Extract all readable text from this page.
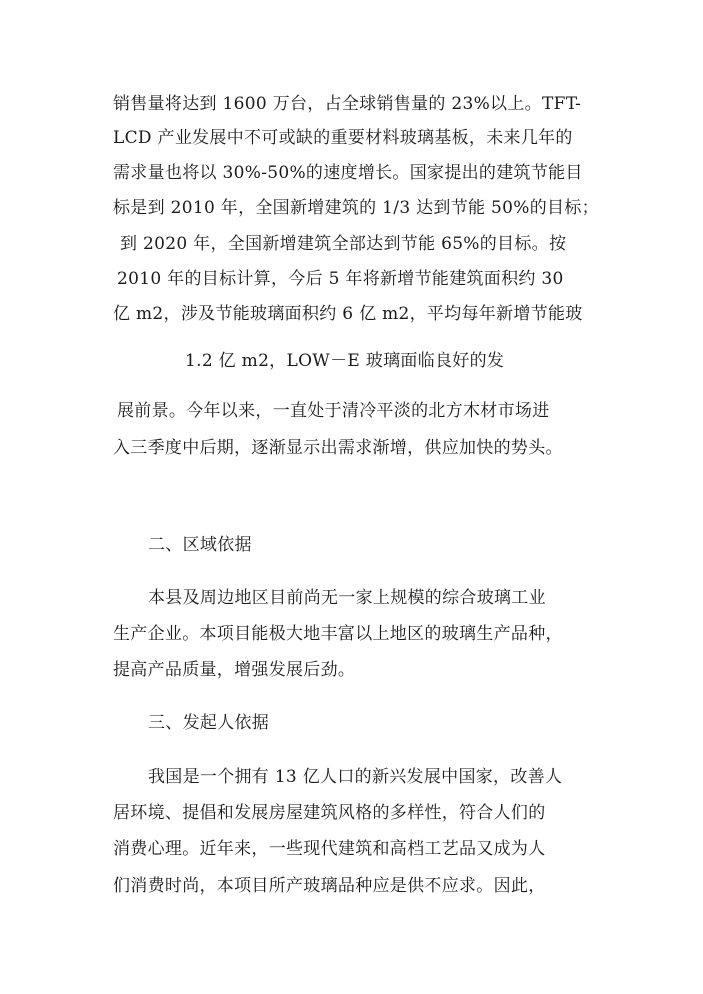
销售量将达到 1600 万台，占全球销售量的 23%以上。TFT-
LCD 产业发展中不可或缺的重要材料玻璃基板，未来几年的
需求量也将以 30%-50%的速度增长。国家提出的建筑节能目
标是到 2010 年，全国新增建筑的 1/3 达到节能 50%的目标；
到 2020 年，全国新增建筑全部达到节能 65%的目标。按
2010 年的目标计算，今后 5 年将新增节能建筑面积约 30
亿 m2，涉及节能玻璃面积约 6 亿 m2，平均每年新增节能玻
1.2 亿 m2，LOW－E 玻璃面临良好的发
展前景。今年以来，一直处于清冷平淡的北方木材市场进
入三季度中后期，逐渐显示出需求渐增，供应加快的势头。
二、区域依据
本县及周边地区目前尚无一家上规模的综合玻璃工业
生产企业。本项目能极大地丰富以上地区的玻璃生产品种，
提高产品质量，增强发展后劲。
三、发起人依据
我国是一个拥有 13 亿人口的新兴发展中国家，改善人
居环境、提倡和发展房屋建筑风格的多样性，符合人们的
消费心理。近年来，一些现代建筑和高档工艺品又成为人
们消费时尚，本项目所产玻璃品种应是供不应求。因此，
